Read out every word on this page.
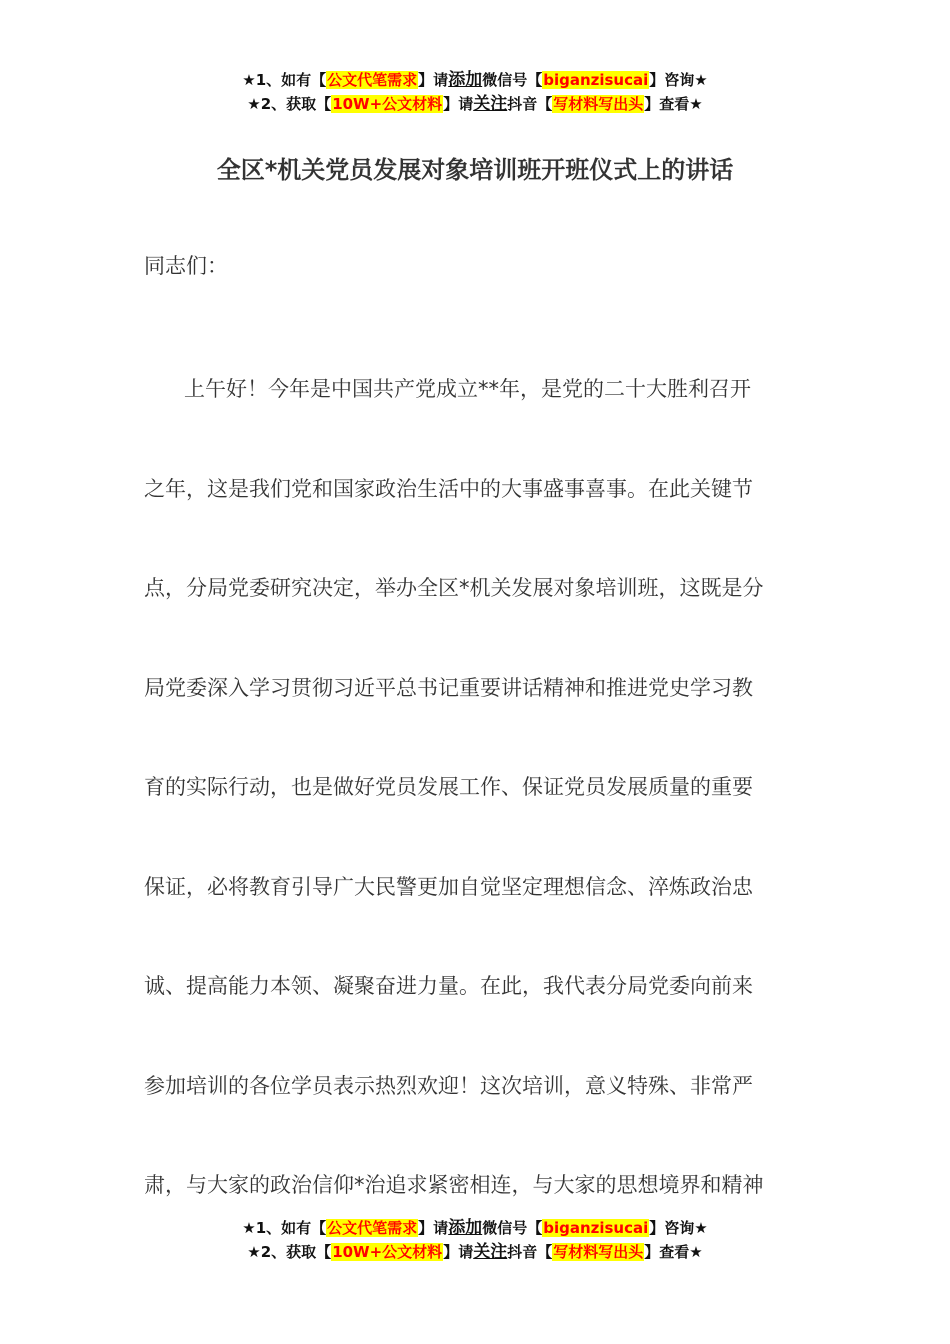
★1、如有【公文代笔需求】请添加微信号【biganzisucai】咨询★
★2、获取【10W+公文材料】请关注抖音【写材料写出头】查看★
全区*机关党员发展对象培训班开班仪式上的讲话

同志们：

上午好！今年是中国共产党成立**年，是党的二十大胜利召开
之年，这是我们党和国家政治生活中的大事盛事喜事。在此关键节
点，分局党委研究决定，举办全区*机关发展对象培训班，这既是分
局党委深入学习贯彻习近平总书记重要讲话精神和推进党史学习教
育的实际行动，也是做好党员发展工作、保证党员发展质量的重要
保证，必将教育引导广大民警更加自觉坚定理想信念、淬炼政治忠
诚、提高能力本领、凝聚奋进力量。在此，我代表分局党委向前来
参加培训的各位学员表示热烈欢迎！这次培训，意义特殊、非常严
肃，与大家的政治信仰*治追求紧密相连，与大家的思想境界和精神
★1、如有【公文代笔需求】请添加微信号【biganzisucai】咨询★
★2、获取【10W+公文材料】请关注抖音【写材料写出头】查看★
